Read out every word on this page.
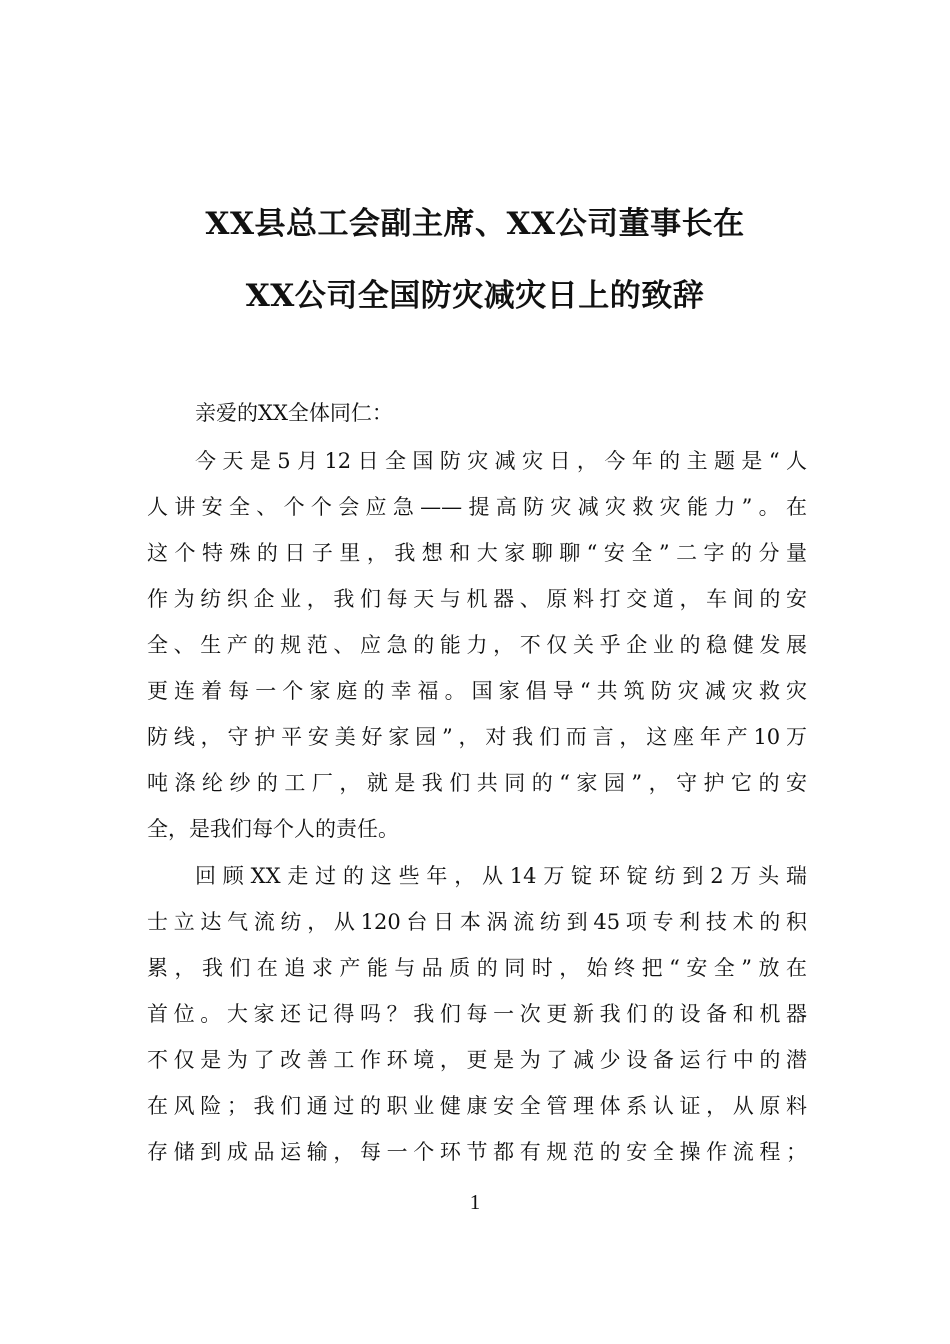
XX县总工会副主席、XX公司董事长在
XX公司全国防灾减灾日上的致辞
亲爱的XX全体同仁：
今天是5月12日全国防灾减灾日，今年的主题是“人
人讲安全、个个会应急——提高防灾减灾救灾能力”。在
这个特殊的日子里，我想和大家聊聊“安全”二字的分量
作为纺织企业，我们每天与机器、原料打交道，车间的安
全、生产的规范、应急的能力，不仅关乎企业的稳健发展
更连着每一个家庭的幸福。国家倡导“共筑防灾减灾救灾
防线，守护平安美好家园”，对我们而言，这座年产10万
吨涤纶纱的工厂，就是我们共同的“家园”，守护它的安
全，是我们每个人的责任。
回顾XX走过的这些年，从14万锭环锭纺到2万头瑞
士立达气流纺，从120台日本涡流纺到45项专利技术的积
累，我们在追求产能与品质的同时，始终把“安全”放在
首位。大家还记得吗？我们每一次更新我们的设备和机器
不仅是为了改善工作环境，更是为了减少设备运行中的潜
在风险；我们通过的职业健康安全管理体系认证，从原料
存储到成品运输，每一个环节都有规范的安全操作流程；
1
